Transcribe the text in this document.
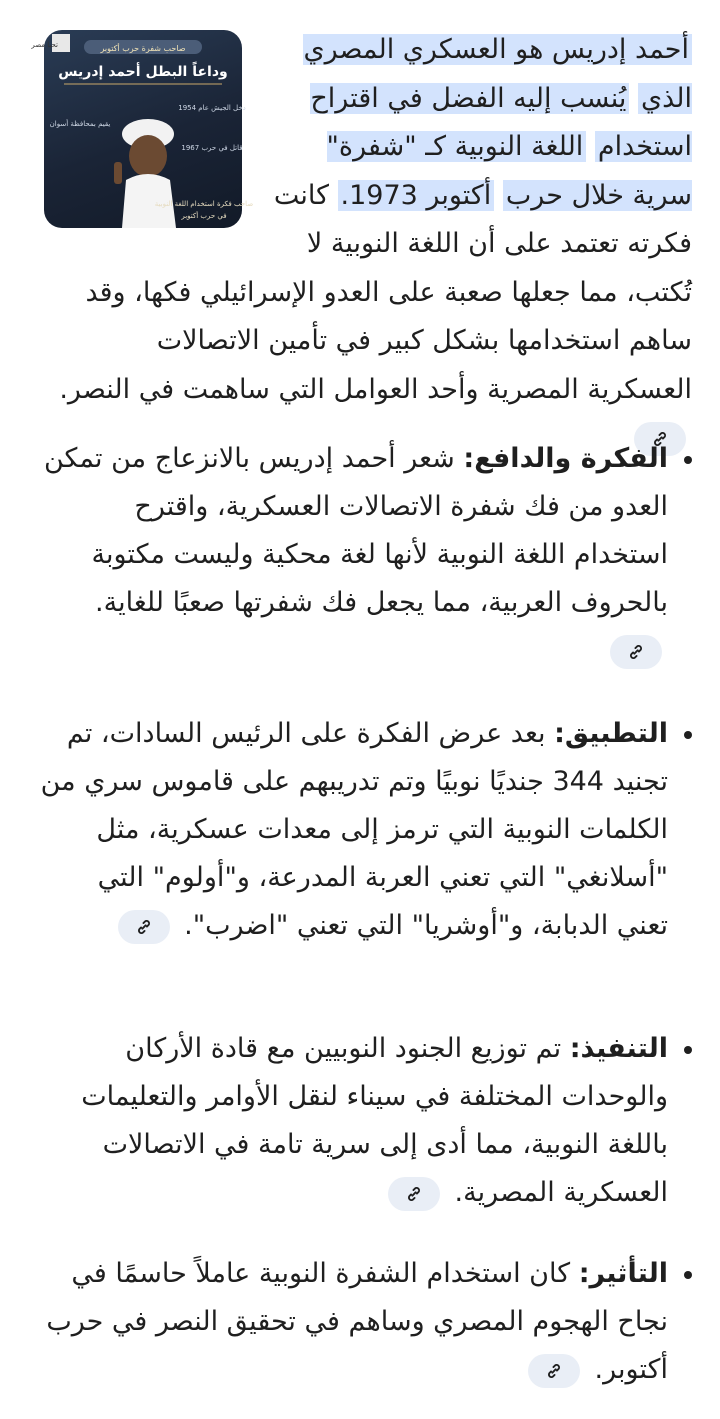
تحيا مصر	صاحب شفرة حرب أكتوبر
وداعاً البطل أحمد إدريس
دخل الجيش عام 1954
قاتل في حرب 1967
يقيم بمحافظة أسوان
صاحب فكرة استخدام اللغة النوبية
في حرب أكتوبر
أحمد إدريس هو العسكري المصري الذي يُنسب إليه الفضل في اقتراح استخدام اللغة النوبية كـ "شفرة" سرية خلال حرب أكتوبر 1973. كانت فكرته تعتمد على أن اللغة النوبية لا تُكتب، مما جعلها صعبة على العدو الإسرائيلي فكها، وقد ساهم استخدامها بشكل كبير في تأمين الاتصالات العسكرية المصرية وأحد العوامل التي ساهمت في النصر.
الفكرة والدافع: شعر أحمد إدريس بالانزعاج من تمكن العدو من فك شفرة الاتصالات العسكرية، واقترح استخدام اللغة النوبية لأنها لغة محكية وليست مكتوبة بالحروف العربية، مما يجعل فك شفرتها صعبًا للغاية.
التطبيق: بعد عرض الفكرة على الرئيس السادات، تم تجنيد 344 جنديًا نوبيًا وتم تدريبهم على قاموس سري من الكلمات النوبية التي ترمز إلى معدات عسكرية، مثل "أسلانغي" التي تعني العربة المدرعة، و"أولوم" التي تعني الدبابة، و"أوشريا" التي تعني "اضرب".
التنفيذ: تم توزيع الجنود النوبيين مع قادة الأركان والوحدات المختلفة في سيناء لنقل الأوامر والتعليمات باللغة النوبية، مما أدى إلى سرية تامة في الاتصالات العسكرية المصرية.
التأثير: كان استخدام الشفرة النوبية عاملاً حاسمًا في نجاح الهجوم المصري وساهم في تحقيق النصر في حرب أكتوبر.
